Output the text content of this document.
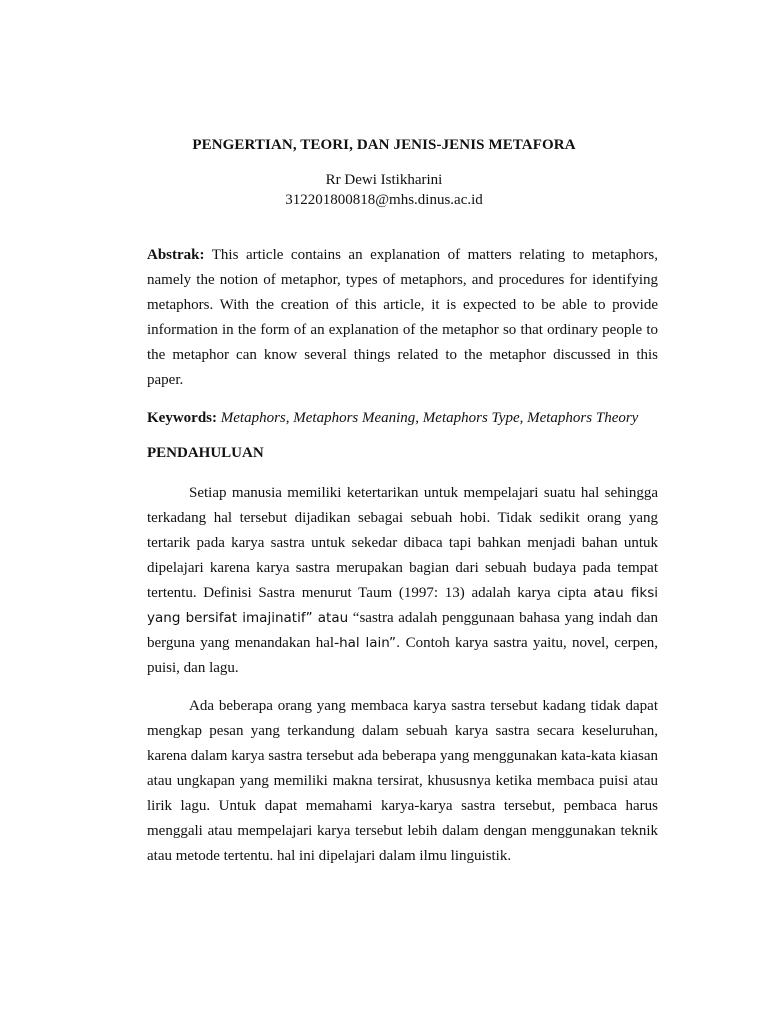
PENGERTIAN, TEORI, DAN JENIS-JENIS METAFORA
Rr Dewi Istikharini
312201800818@mhs.dinus.ac.id
Abstrak: This article contains an explanation of matters relating to metaphors, namely the notion of metaphor, types of metaphors, and procedures for identifying metaphors. With the creation of this article, it is expected to be able to provide information in the form of an explanation of the metaphor so that ordinary people to the metaphor can know several things related to the metaphor discussed in this paper.
Keywords: Metaphors, Metaphors Meaning, Metaphors Type, Metaphors Theory
PENDAHULUAN
Setiap manusia memiliki ketertarikan untuk mempelajari suatu hal sehingga terkadang hal tersebut dijadikan sebagai sebuah hobi. Tidak sedikit orang yang tertarik pada karya sastra untuk sekedar dibaca tapi bahkan menjadi bahan untuk dipelajari karena karya sastra merupakan bagian dari sebuah budaya pada tempat tertentu. Definisi Sastra menurut Taum (1997: 13) adalah karya cipta atau fiksi yang bersifat imajinatif” atau “sastra adalah penggunaan bahasa yang indah dan berguna yang menandakan hal-hal lain”. Contoh karya sastra yaitu, novel, cerpen, puisi, dan lagu.
Ada beberapa orang yang membaca karya sastra tersebut kadang tidak dapat mengkap pesan yang terkandung dalam sebuah karya sastra secara keseluruhan, karena dalam karya sastra tersebut ada beberapa yang menggunakan kata-kata kiasan atau ungkapan yang memiliki makna tersirat, khususnya ketika membaca puisi atau lirik lagu. Untuk dapat memahami karya-karya sastra tersebut, pembaca harus menggali atau mempelajari karya tersebut lebih dalam dengan menggunakan teknik atau metode tertentu. hal ini dipelajari dalam ilmu linguistik.
